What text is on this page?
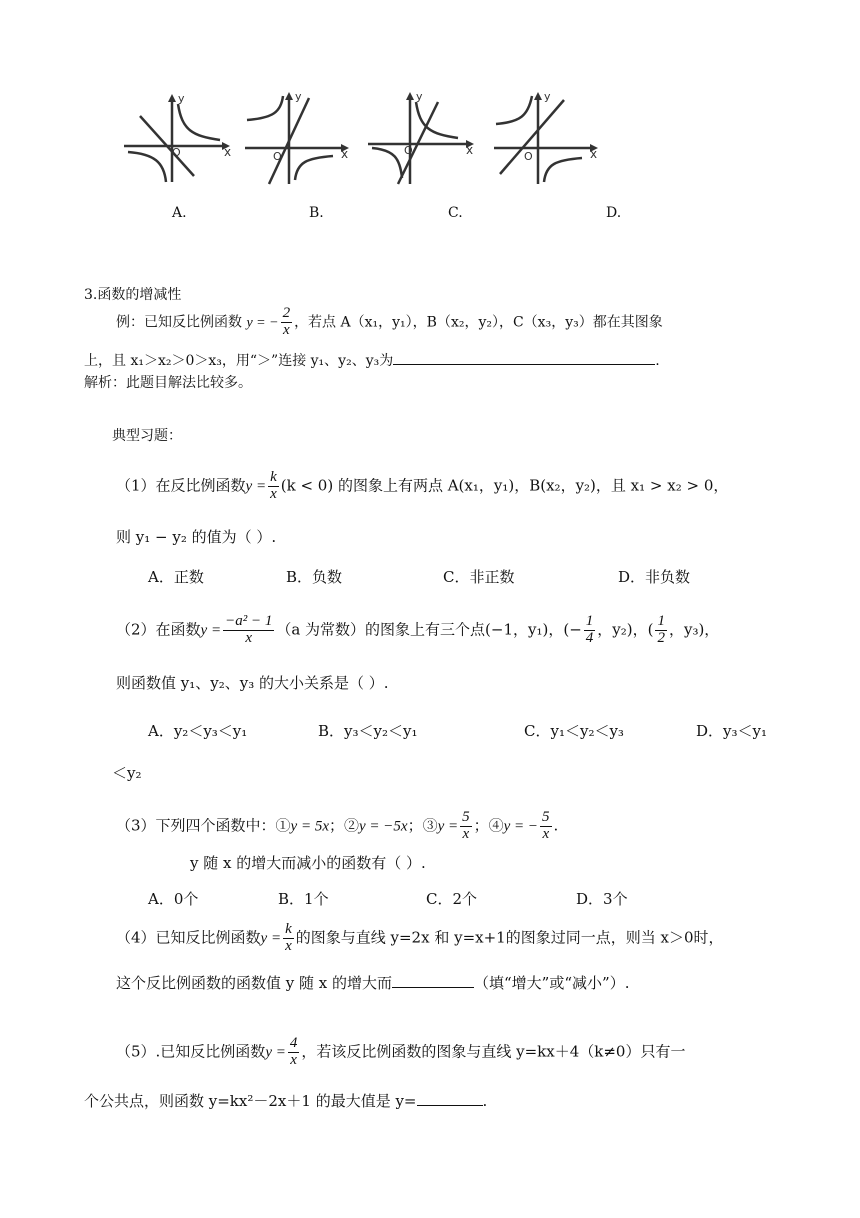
y
x
O
y
x
O
y
x
O
y
x
O
A.	B.	C.	D.
3.函数的增减性
例：已知反比例函数 y = − $\frac{2}{x}$ ，若点 A（x₁，y₁），B（x₂，y₂），C（x₃，y₃）都在其图象
上，且 x₁＞x₂＞0＞x₃，用“＞”连接 y₁、y₂、y₃为	.
解析：此题目解法比较多。
典型习题：
（1）在反比例函数$y = \frac{k}{x} (k < 0)$ 的图象上有两点 A(x₁，y₁)，B(x₂，y₂)，且 x₁ > x₂ > 0，
则 y₁ − y₂ 的值为（ ）.
A．正数	B．负数	C．非正数	D．非负数
（2）在函数$y = \frac{\text{−a² − 1}}{x} (a$ 为常数）的图象上有三个点(−1，y₁)，(− $\frac{1}{4}$ ，y₂)，( $\frac{1}{2}$ ，y₃)，
则函数值 y₁、y₂、y₃ 的大小关系是（ ）.
A．y₂＜y₃＜y₁	B．y₃＜y₂＜y₁	C．y₁＜y₂＜y₃	D．y₃＜y₁
＜y₂
（3）下列四个函数中：①y = 5x；②y = −5x；③y = $\frac{5}{x}$ ；④y = − $\frac{5}{x}$ .
y 随 x 的增大而减小的函数有（ ）.
A．0个	B．1个	C．2个	D．3个
（4）已知反比例函数$y = \frac{k}{x}$ 的图象与直线 y=2x 和 y=x+1的图象过同一点，则当 x＞0时，
这个反比例函数的函数值 y 随 x 的增大而	（填“增大”或“减小”）.
（5）.已知反比例函数$y = \frac{4}{x}$ ，若该反比例函数的图象与直线 y=kx＋4（k≠0）只有一
个公共点，则函数 y=kx²－2x＋1 的最大值是 y=	.
